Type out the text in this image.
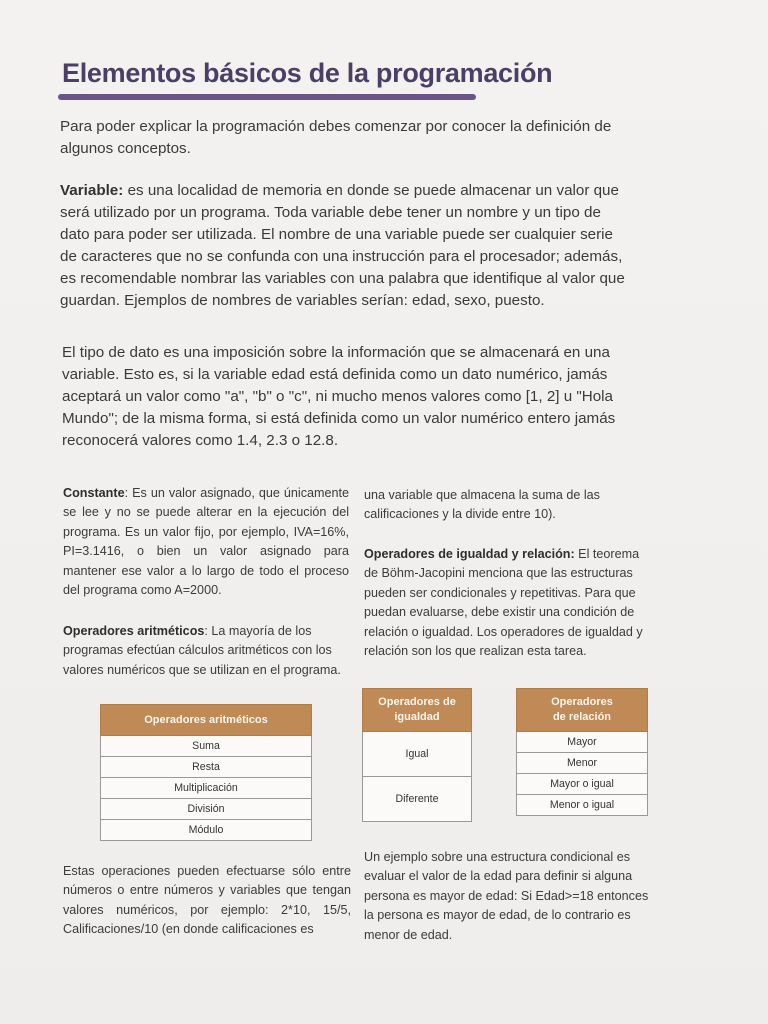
Elementos básicos de la programación

Para poder explicar la programación debes comenzar por conocer la definición de algunos conceptos.

Variable: es una localidad de memoria en donde se puede almacenar un valor que será utilizado por un programa. Toda variable debe tener un nombre y un tipo de dato para poder ser utilizada. El nombre de una variable puede ser cualquier serie de caracteres que no se confunda con una instrucción para el procesador; además, es recomendable nombrar las variables con una palabra que identifique al valor que guardan. Ejemplos de nombres de variables serían: edad, sexo, puesto.

El tipo de dato es una imposición sobre la información que se almacenará en una variable. Esto es, si la variable edad está definida como un dato numérico, jamás aceptará un valor como "a", "b" o "c", ni mucho menos valores como [1, 2] u "Hola Mundo"; de la misma forma, si está definida como un valor numérico entero jamás reconocerá valores como 1.4, 2.3 o 12.8.

Constante: Es un valor asignado, que únicamente se lee y no se puede alterar en la ejecución del programa. Es un valor fijo, por ejemplo, IVA=16%, PI=3.1416, o bien un valor asignado para mantener ese valor a lo largo de todo el proceso del programa como A=2000.

Operadores aritméticos: La mayoría de los programas efectúan cálculos aritméticos con los valores numéricos que se utilizan en el programa.

Operadores aritméticos
Suma
Resta
Multiplicación
División
Módulo

Estas operaciones pueden efectuarse sólo entre números o entre números y variables que tengan valores numéricos, por ejemplo: 2*10, 15/5, Calificaciones/10 (en donde calificaciones es

una variable que almacena la suma de las calificaciones y la divide entre 10).

Operadores de igualdad y relación: El teorema de Böhm-Jacopini menciona que las estructuras pueden ser condicionales y repetitivas. Para que puedan evaluarse, debe existir una condición de relación o igualdad. Los operadores de igualdad y relación son los que realizan esta tarea.

Operadores de
igualdad
Igual
Diferente
Operadores
de relación
Mayor
Menor
Mayor o igual
Menor o igual

Un ejemplo sobre una estructura condicional es evaluar el valor de la edad para definir si alguna persona es mayor de edad: Si Edad>=18 entonces la persona es mayor de edad, de lo contrario es menor de edad.
